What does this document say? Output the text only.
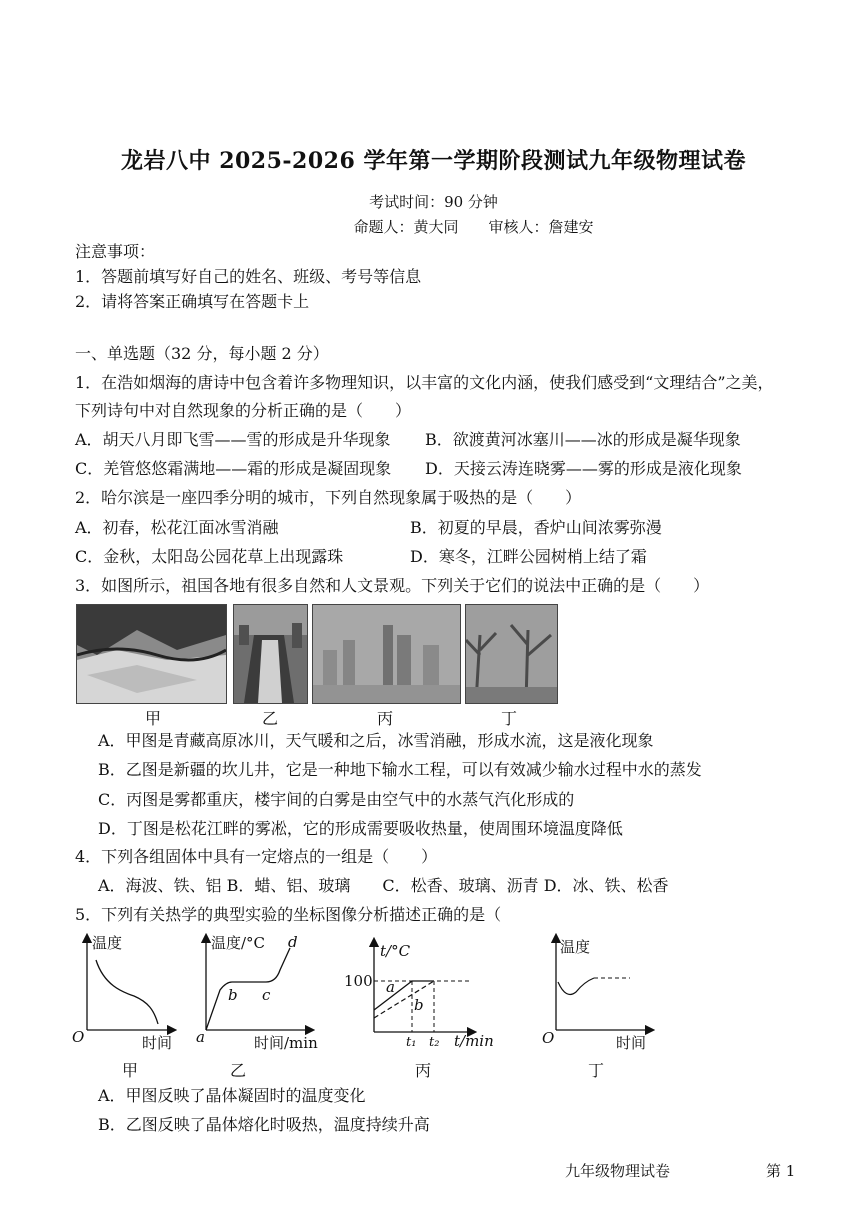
龙岩八中 2025-2026 学年第一学期阶段测试九年级物理试卷
考试时间：90 分钟
命题人：黄大同　　审核人：詹建安
注意事项：
1．答题前填写好自己的姓名、班级、考号等信息
2．请将答案正确填写在答题卡上
一、单选题（32 分，每小题 2 分）
1．在浩如烟海的唐诗中包含着许多物理知识，以丰富的文化内涵，使我们感受到“文理结合”之美，
下列诗句中对自然现象的分析正确的是（　　）
A．胡天八月即飞雪——雪的形成是升华现象 B．欲渡黄河冰塞川——冰的形成是凝华现象
C．羌管悠悠霜满地——霜的形成是凝固现象 D．天接云涛连晓雾——雾的形成是液化现象
2．哈尔滨是一座四季分明的城市，下列自然现象属于吸热的是（　　）
A．初春，松花江面冰雪消融	B．初夏的早晨，香炉山间浓雾弥漫
C．金秋，太阳岛公园花草上出现露珠	D．寒冬，江畔公园树梢上结了霜
3．如图所示，祖国各地有很多自然和人文景观。下列关于它们的说法中正确的是（　　）
甲	乙	丙	丁
A．甲图是青藏高原冰川，天气暖和之后，冰雪消融，形成水流，这是液化现象
B．乙图是新疆的坎儿井，它是一种地下输水工程，可以有效减少输水过程中水的蒸发
C．丙图是雾都重庆，楼宇间的白雾是由空气中的水蒸气汽化形成的
D．丁图是松花江畔的雾凇，它的形成需要吸收热量，使周围环境温度降低
4．下列各组固体中具有一定熔点的一组是（　　）
A．海波、铁、铝 B．蜡、铝、玻璃　　C．松香、玻璃、沥青 D．冰、铁、松香
5．下列有关热学的典型实验的坐标图像分析描述正确的是（
温度
O	时间
甲
温度/°C
a
b c
d
时间/min
乙
t/°C
100 a
b
t₁ t₂ t/min
丙
温度
O	时间
丁
A．甲图反映了晶体凝固时的温度变化
B．乙图反映了晶体熔化时吸热，温度持续升高
九年级物理试卷	第 1
